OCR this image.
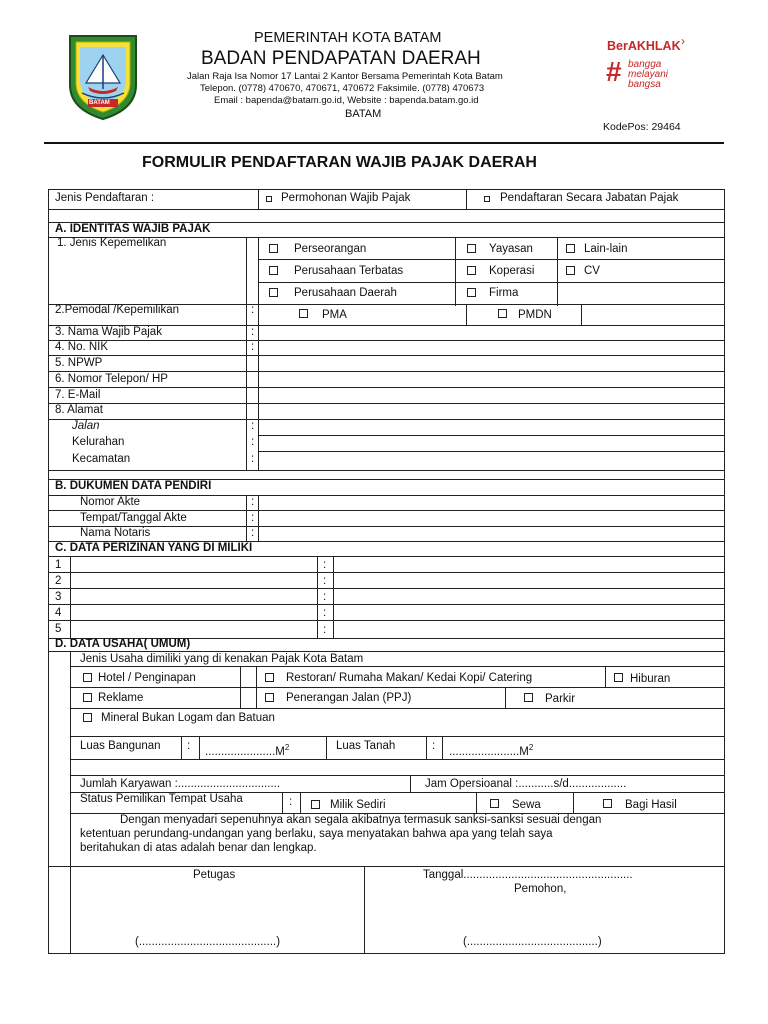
BATAM
PEMERINTAH KOTA BATAM
BADAN PENDAPATAN DAERAH
Jalan Raja Isa Nomor 17 Lantai 2 Kantor Bersama Pemerintah Kota Batam
Telepon. (0778) 470670, 470671, 470672 Faksimile. (0778) 470673
Email : bapenda@batam.go.id, Website : bapenda.batam.go.id
BATAM
BerAKHLAK ›
# bangga
melayani
bangsa
KodePos: 29464
FORMULIR PENDAFTARAN WAJIB PAJAK DAERAH
Jenis Pendaftaran :	Permohonan Wajib Pajak	Pendaftaran Secara Jabatan Pajak
A. IDENTITAS WAJIB PAJAK
1. Jenis Kepemelikan	Perseorangan	Yayasan	Lain-lain
Perusahaan Terbatas	Koperasi	CV
Perusahaan Daerah	Firma
2.Pemodal /Kepemilikan	:	PMA	PMDN
3. Nama Wajib Pajak	:
4. No. NIK	:
5. NPWP
6. Nomor Telepon/ HP
7. E-Mail
8. Alamat
Jalan	:
Kelurahan	:
Kecamatan	:
B. DUKUMEN DATA PENDIRI
Nomor Akte	:
Tempat/Tanggal Akte	:
Nama Notaris	:
C. DATA PERIZINAN YANG DI MILIKI
1	:
2	:
3	:
4	:
5	:
D. DATA USAHA( UMUM)
Jenis Usaha dimiliki yang di kenakan Pajak Kota Batam
Hotel / Penginapan	Restoran/ Rumaha Makan/ Kedai Kopi/ Catering	Hiburan
Reklame	Penerangan Jalan (PPJ)	Parkir
Mineral Bukan Logam dan Batuan
Luas Bangunan : $......................M^2$	Luas Tanah	: $......................M^2$
Jumlah Karyawan :................................	Jam Opersioanal :...........s/d..................
Status Pemilikan Tempat Usaha	:	Milik Sediri	Sewa	Bagi Hasil
Dengan menyadari sepenuhnya akan segala akibatnya termasuk sanksi-sanksi sesuai dengan
ketentuan perundang-undangan yang berlaku, saya menyatakan bahwa apa yang telah saya
beritahukan di atas adalah benar dan lengkap.
Petugas	Tanggal.....................................................
Pemohon,
(...........................................)	(.........................................)
